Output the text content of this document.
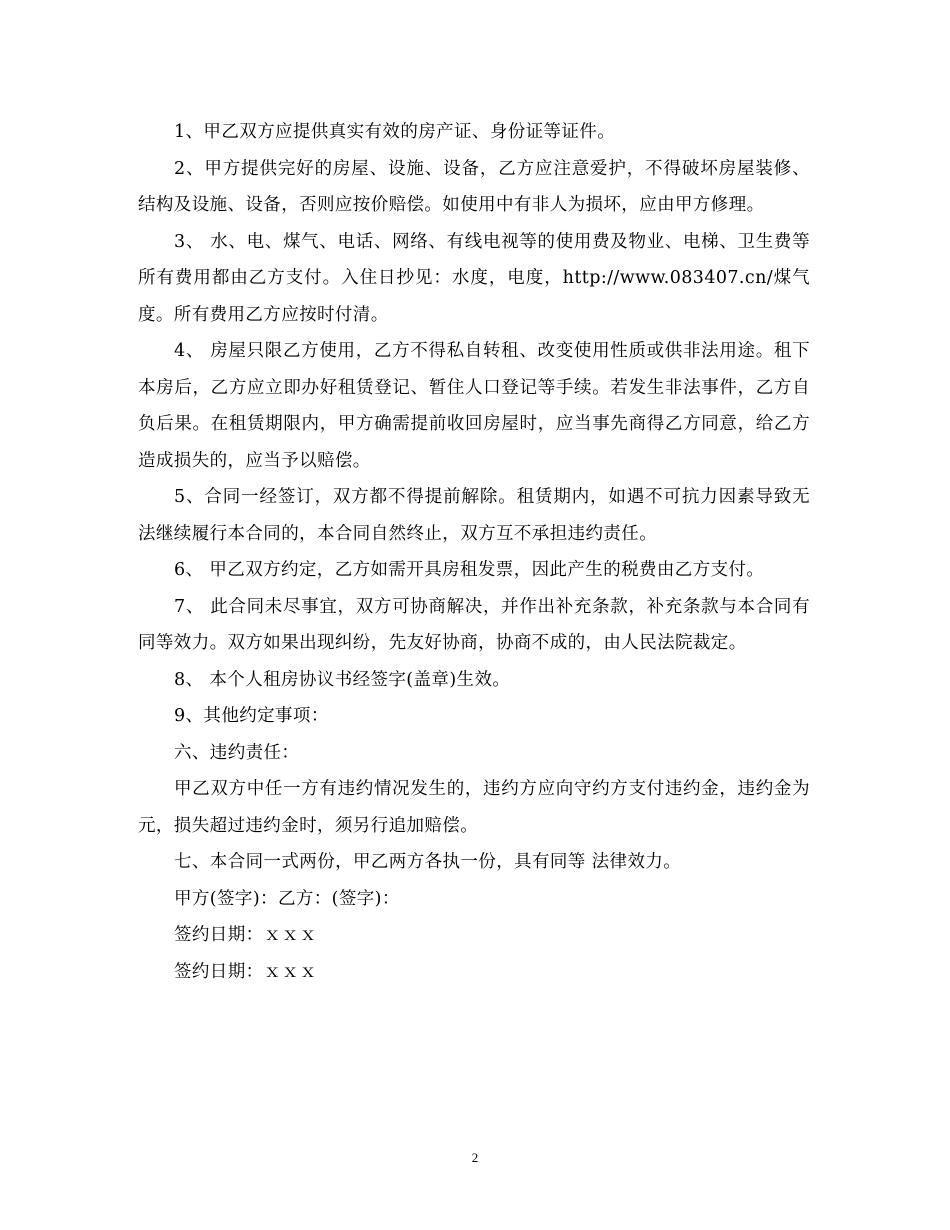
1、甲乙双方应提供真实有效的房产证、身份证等证件。

2、甲方提供完好的房屋、设施、设备，乙方应注意爱护，不得破坏房屋装修、结构及设施、设备，否则应按价赔偿。如使用中有非人为损坏，应由甲方修理。

3、 水、电、煤气、电话、网络、有线电视等的使用费及物业、电梯、卫生费等所有费用都由乙方支付。入住日抄见：水度，电度，http://www.083407.cn/煤气度。所有费用乙方应按时付清。

4、 房屋只限乙方使用，乙方不得私自转租、改变使用性质或供非法用途。租下本房后，乙方应立即办好租赁登记、暂住人口登记等手续。若发生非法事件，乙方自负后果。在租赁期限内，甲方确需提前收回房屋时，应当事先商得乙方同意，给乙方造成损失的，应当予以赔偿。

5、合同一经签订，双方都不得提前解除。租赁期内，如遇不可抗力因素导致无法继续履行本合同的，本合同自然终止，双方互不承担违约责任。

6、 甲乙双方约定，乙方如需开具房租发票，因此产生的税费由乙方支付。

7、 此合同未尽事宜，双方可协商解决，并作出补充条款，补充条款与本合同有同等效力。双方如果出现纠纷，先友好协商，协商不成的，由人民法院裁定。

8、 本个人租房协议书经签字(盖章)生效。

9、其他约定事项：

六、违约责任：

甲乙双方中任一方有违约情况发生的，违约方应向守约方支付违约金，违约金为元，损失超过违约金时，须另行追加赔偿。

七、本合同一式两份，甲乙两方各执一份，具有同等 法律效力。

甲方(签字)：乙方：(签字)：

签约日期：ｘｘｘ

签约日期：ｘｘｘ

2
